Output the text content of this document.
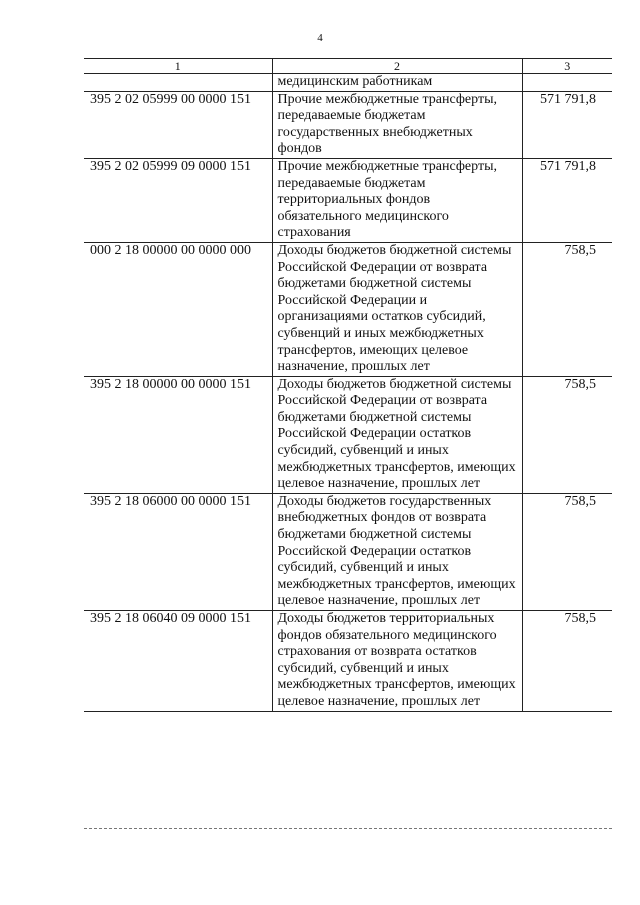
4
1	2	3
	медицинским работникам	
395 2 02 05999 00 0000 151	Прочие межбюджетные трансферты, передаваемые бюджетам государственных внебюджетных фондов	571 791,8
395 2 02 05999 09 0000 151	Прочие межбюджетные трансферты, передаваемые бюджетам территориальных фондов обязательного медицинского страхования	571 791,8
000 2 18 00000 00 0000 000	Доходы бюджетов бюджетной системы Российской Федерации от возврата бюджетами бюджетной системы Российской Федерации и организациями остатков субсидий, субвенций и иных межбюджетных трансфертов, имеющих целевое назначение, прошлых лет	758,5
395 2 18 00000 00 0000 151	Доходы бюджетов бюджетной системы Российской Федерации от возврата бюджетами бюджетной системы Российской Федерации остатков субсидий, субвенций и иных межбюджетных трансфертов, имеющих целевое назначение, прошлых лет	758,5
395 2 18 06000 00 0000 151	Доходы бюджетов государственных внебюджетных фондов от возврата бюджетами бюджетной системы Российской Федерации остатков субсидий, субвенций и иных межбюджетных трансфертов, имеющих целевое назначение, прошлых лет	758,5
395 2 18 06040 09 0000 151	Доходы бюджетов территориальных фондов обязательного медицинского страхования от возврата остатков субсидий, субвенций и иных межбюджетных трансфертов, имеющих целевое назначение, прошлых лет	758,5
